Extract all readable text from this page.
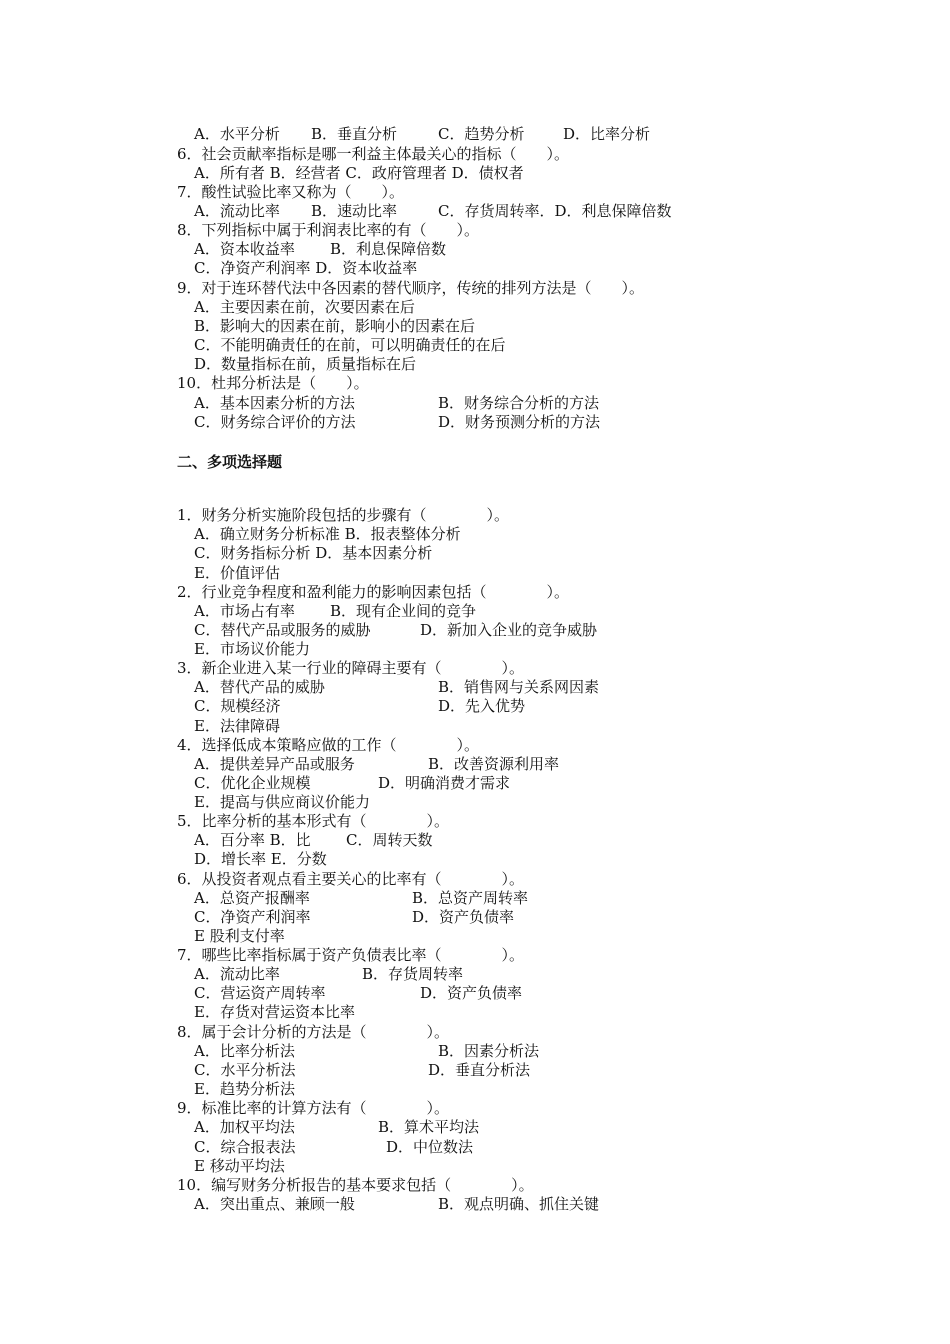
A．水平分析 B．垂直分析	C．趋势分析	D．比率分析
6．社会贡献率指标是哪一利益主体最关心的指标（　　）。
A．所有者 B．经营者 C．政府管理者 D．债权者
7．酸性试验比率又称为（　　）。
A．流动比率 B．速动比率	C．存货周转率．D．利息保障倍数
8．下列指标中属于利润表比率的有（　　）。
A．资本收益率 B．利息保障倍数
C．净资产利润率 D．资本收益率
9．对于连环替代法中各因素的替代顺序，传统的排列方法是（　　）。
A．主要因素在前，次要因素在后
B．影响大的因素在前，影响小的因素在后
C．不能明确责任的在前，可以明确责任的在后
D．数量指标在前，质量指标在后
10．杜邦分析法是（　　）。
A．基本因素分析的方法	B．财务综合分析的方法
C．财务综合评价的方法	D．财务预测分析的方法
二、多项选择题
1．财务分析实施阶段包括的步骤有（　　　　）。
A．确立财务分析标准 B．报表整体分析
C．财务指标分析 D．基本因素分析
E．价值评估
2．行业竞争程度和盈利能力的影响因素包括（　　　　）。
A．市场占有率 B．现有企业间的竞争
C．替代产品或服务的威胁	D．新加入企业的竞争威胁
E．市场议价能力
3．新企业进入某一行业的障碍主要有（　　　　）。
A．替代产品的威胁	B．销售网与关系网因素
C．规模经济	D．先入优势
E．法律障碍
4．选择低成本策略应做的工作（　　　　）。
A．提供差异产品或服务	B．改善资源利用率
C．优化企业规模	D．明确消费才需求
E．提高与供应商议价能力
5．比率分析的基本形式有（　　　　）。
A．百分率 B．比 C．周转天数
D．增长率 E．分数
6．从投资者观点看主要关心的比率有（　　　　）。
A．总资产报酬率	B．总资产周转率
C．净资产利润率	D．资产负债率
E 股利支付率
7．哪些比率指标属于资产负债表比率（　　　　）。
A．流动比率	B．存货周转率
C．营运资产周转率	D．资产负债率
E．存货对营运资本比率
8．属于会计分析的方法是（　　　　）。
A．比率分析法	B．因素分析法
C．水平分析法	D．垂直分析法
E．趋势分析法
9．标准比率的计算方法有（　　　　）。
A．加权平均法	B．算术平均法
C．综合报表法	D．中位数法
E 移动平均法
10．编写财务分析报告的基本要求包括（　　　　）。
A．突出重点、兼顾一般	B．观点明确、抓住关键
